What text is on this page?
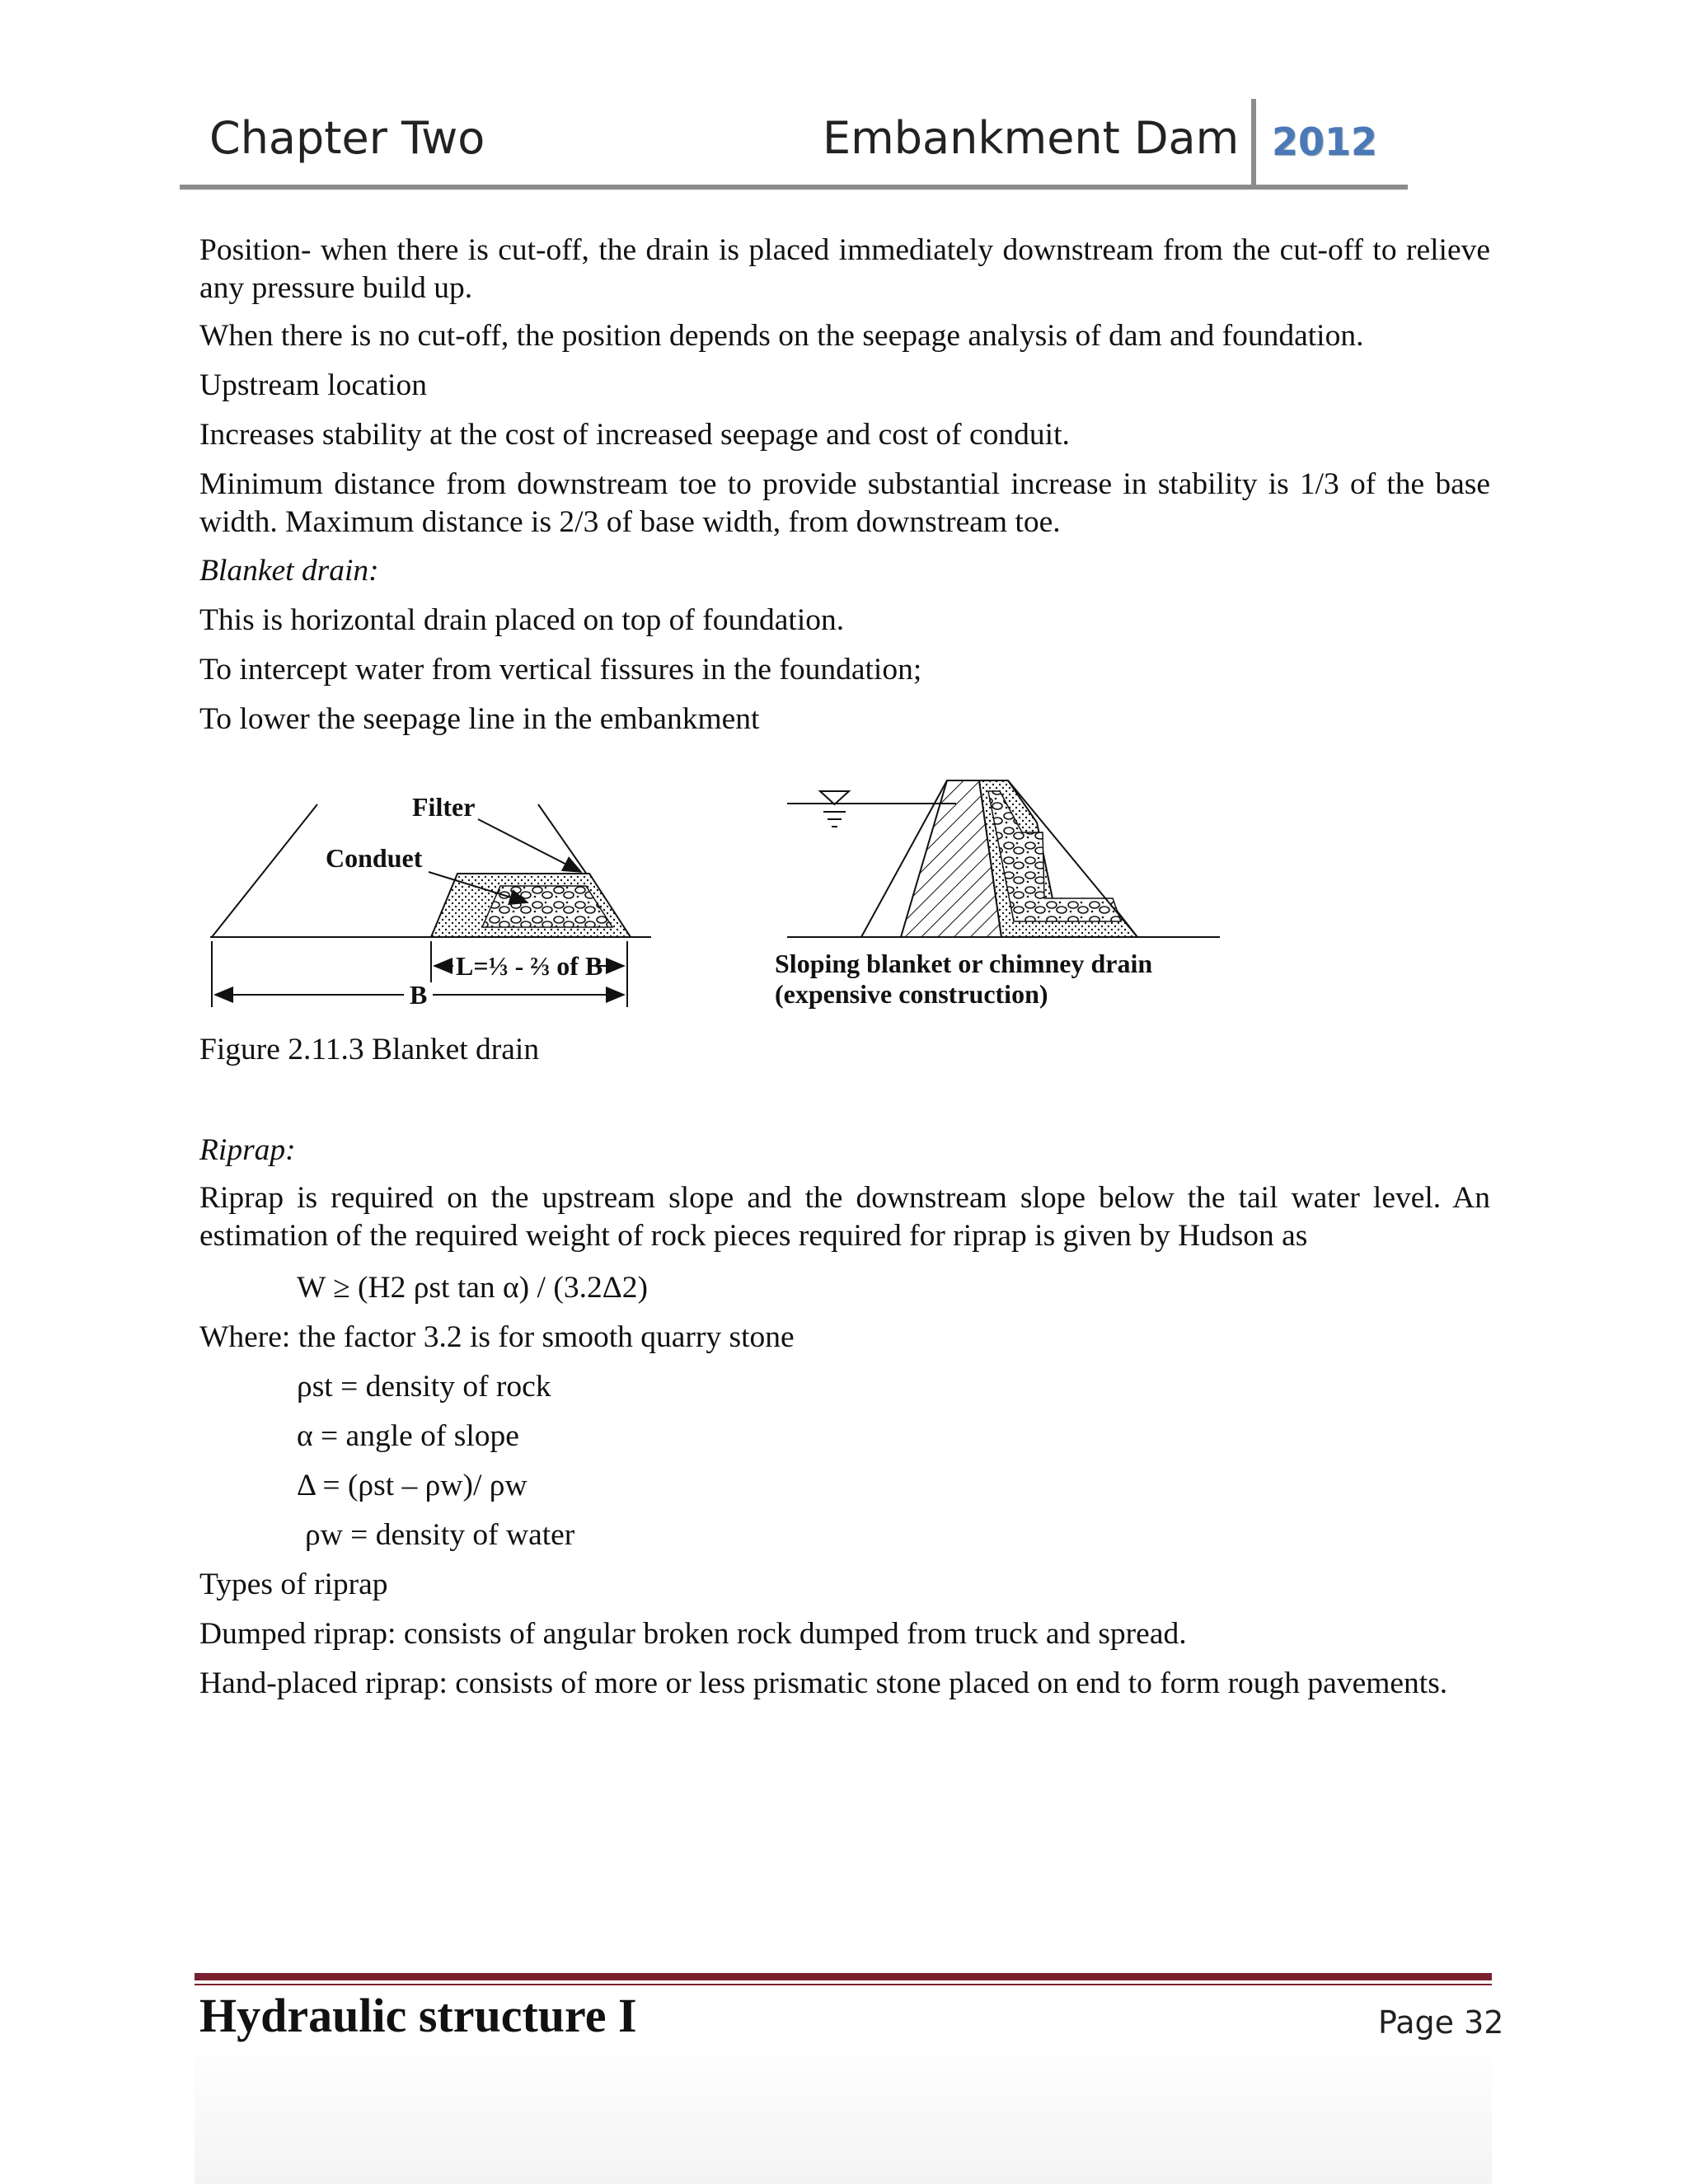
Chapter Two	Embankment Dam 2012
Position- when there is cut-off, the drain is placed immediately downstream from the cut-off to relieve any pressure build up.
When there is no cut-off, the position depends on the seepage analysis of dam and foundation.
Upstream location
Increases stability at the cost of increased seepage and cost of conduit.
Minimum distance from downstream toe to provide substantial increase in stability is 1/3 of the base width. Maximum distance is 2/3 of base width, from downstream toe.
Blanket drain:
This is horizontal drain placed on top of foundation.
To intercept water from vertical fissures in the foundation;
To lower the seepage line in the embankment
Filter
Conduet
L=⅓ - ⅔ of B
B
Sloping blanket or chimney drain
(expensive construction)
Figure 2.11.3 Blanket drain
Riprap:
Riprap is required on the upstream slope and the downstream slope below the tail water level. An estimation of the required weight of rock pieces required for riprap is given by Hudson as
W ≥ (H2 ρst tan α) / (3.2Δ2)
Where: the factor 3.2 is for smooth quarry stone
ρst = density of rock
α = angle of slope
Δ = (ρst – ρw)/ ρw
ρw = density of water
Types of riprap
Dumped riprap: consists of angular broken rock dumped from truck and spread.
Hand-placed riprap: consists of more or less prismatic stone placed on end to form rough pavements.
Hydraulic structure I	Page 32
